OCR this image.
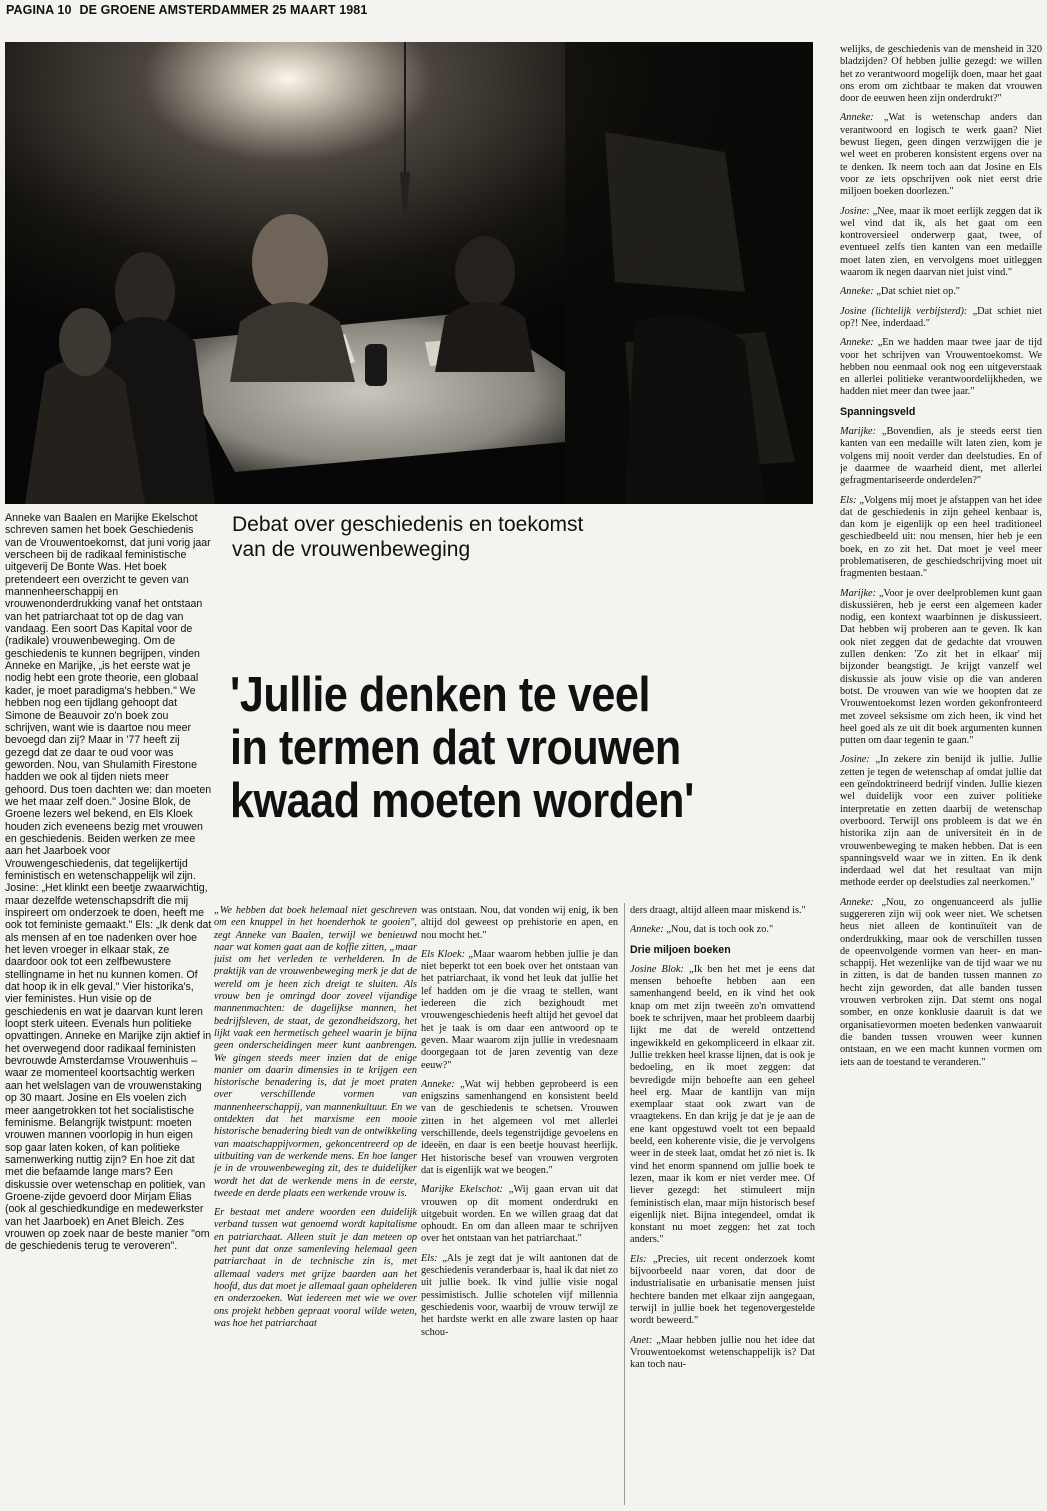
PAGINA 10 DE GROENE AMSTERDAMMER 25 MAART 1981

Anneke van Baalen en Marijke Ekelschot schreven samen het boek Geschiedenis van de Vrouwentoekomst, dat juni vorig jaar verscheen bij de radikaal feministische uitgeverij De Bonte Was. Het boek pretendeert een overzicht te geven van mannenheerschappij en vrouwenonderdrukking vanaf het ontstaan van het patriarchaat tot op de dag van vandaag. Een soort Das Kapital voor de (radikale) vrouwenbeweging. Om de geschiedenis te kunnen begrijpen, vinden Anneke en Marijke, „is het eerste wat je nodig hebt een grote theorie, een globaal kader, je moet paradigma's hebben." We hebben nog een tijdlang gehoopt dat Simone de Beauvoir zo'n boek zou schrijven, want wie is daartoe nou meer bevoegd dan zij? Maar in '77 heeft zij gezegd dat ze daar te oud voor was geworden. Nou, van Shulamith Firestone hadden we ook al tijden niets meer gehoord. Dus toen dachten we: dan moeten we het maar zelf doen." Josine Blok, de Groene lezers wel bekend, en Els Kloek houden zich eveneens bezig met vrouwen en geschiedenis. Beiden werken ze mee aan het Jaarboek voor Vrouwengeschiedenis, dat tegelijkertijd feministisch en wetenschappelijk wil zijn. Josine: „Het klinkt een beetje zwaarwichtig, maar dezelfde wetenschapsdrift die mij inspireert om onderzoek te doen, heeft me ook tot feministe gemaakt." Els: „Ik denk dat als mensen af en toe nadenken over hoe het leven vroeger in elkaar stak, ze daardoor ook tot een zelfbewustere stellingname in het nu kunnen komen. Of dat hoop ik in elk geval." Vier historika's, vier feministes. Hun visie op de geschiedenis en wat je daarvan kunt leren loopt sterk uiteen. Evenals hun politieke opvattingen. Anneke en Marijke zijn aktief in het overwegend door radikaal feministen bevrouwde Amsterdamse Vrouwenhuis – waar ze momenteel koortsachtig werken aan het welslagen van de vrouwenstaking op 30 maart. Josine en Els voelen zich meer aangetrokken tot het socialistische feminisme. Belangrijk twistpunt: moeten vrouwen mannen voorlopig in hun eigen sop gaar laten koken, of kan politieke samenwerking nuttig zijn? En hoe zit dat met die befaamde lange mars? Een diskussie over wetenschap en politiek, van Groene-zijde gevoerd door Mirjam Elias (ook al geschiedkundige en medewerkster van het Jaarboek) en Anet Bleich. Zes vrouwen op zoek naar de beste manier "om de geschiedenis terug te veroveren".

Debat over geschiedenis en toekomst
van de vrouwenbeweging
'Jullie denken te veel
in termen dat vrouwen
kwaad moeten worden'

„We hebben dat boek helemaal niet geschreven om een knuppel in het hoenderhok te gooien", zegt Anneke van Baalen, terwijl we benieuwd naar wat komen gaat aan de koffie zitten, „maar juist om het verleden te verhelderen. In de praktijk van de vrouwenbeweging merk je dat de wereld om je heen zich dreigt te sluiten. Als vrouw ben je omringd door zoveel vijandige mannenmachten: de dagelijkse mannen, het bedrijfsleven, de staat, de gezondheidszorg, het lijkt vaak een hermetisch geheel waarin je bijna geen onderscheidingen meer kunt aanbrengen. We gingen steeds meer inzien dat de enige manier om daarin dimensies in te krijgen een historische benadering is, dat je moet praten over verschillende vormen van mannenheerschappij, van mannenkultuur. En we ontdekten dat het marxisme een mooie historische benadering biedt van de ontwikkeling van maatschappijvormen, gekoncentreerd op de uitbuiting van de werkende mens. En hoe langer je in de vrouwenbeweging zit, des te duidelijker wordt het dat de werkende mens in de eerste, tweede en derde plaats een werkende vrouw is.

Er bestaat met andere woorden een duidelijk verband tussen wat genoemd wordt kapitalisme en patriarchaat. Alleen stuit je dan meteen op het punt dat onze samenleving helemaal geen patriarchaat in de technische zin is, met allemaal vaders met grijze baarden aan het hoofd, dus dat moet je allemaal gaan ophelderen en onderzoeken. Wat iedereen met wie we over ons projekt hebben gepraat vooral wilde weten, was hoe het patriarchaat

was ontstaan. Nou, dat vonden wij enig, ik ben altijd dol geweest op prehistorie en apen, en nou mocht het."

Els Kloek: „Maar waarom hebben jullie je dan niet beperkt tot een boek over het ontstaan van het patriarchaat, ik vond het leuk dat jullie het lef hadden om je die vraag te stellen, want iedereen die zich bezighoudt met vrouwengeschiedenis heeft altijd het gevoel dat het je taak is om daar een antwoord op te geven. Maar waarom zijn jullie in vredesnaam doorgegaan tot de jaren zeventig van deze eeuw?"

Anneke: „Wat wij hebben geprobeerd is een enigszins samenhangend en konsistent beeld van de geschiedenis te schetsen. Vrouwen zitten in het algemeen vol met allerlei verschillende, deels tegenstrijdige gevoelens en ideeën, en daar is een beetje houvast heerlijk. Het historische besef van vrouwen vergroten dat is eigenlijk wat we beogen."

Marijke Ekelschot: „Wij gaan ervan uit dat vrouwen op dit moment onderdrukt en uitgebuit worden. En we willen graag dat dat ophoudt. En om dan alleen maar te schrijven over het ontstaan van het patriarchaat."

Els: „Als je zegt dat je wilt aantonen dat de geschiedenis veranderbaar is, haal ik dat niet zo uit jullie boek. Ik vind jullie visie nogal pessimistisch. Jullie schotelen vijf millennia geschiedenis voor, waarbij de vrouw terwijl ze het hardste werkt en alle zware lasten op haar schou-

ders draagt, altijd alleen maar miskend is."

Anneke: „Nou, dat is toch ook zo."

Drie miljoen boeken

Josine Blok: „Ik ben het met je eens dat mensen behoefte hebben aan een samenhangend beeld, en ik vind het ook knap om met zijn tweeën zo'n omvattend boek te schrijven, maar het probleem daarbij lijkt me dat de wereld ontzettend ingewikkeld en gekompliceerd in elkaar zit. Jullie trekken heel krasse lijnen, dat is ook je bedoeling, en ik moet zeggen: dat bevredigde mijn behoefte aan een geheel heel erg. Maar de kantlijn van mijn exemplaar staat ook zwart van de vraagtekens. En dan krijg je dat je je aan de ene kant opgestuwd voelt tot een bepaald beeld, een koherente visie, die je vervolgens weer in de steek laat, omdat het zó niet is. Ik vind het enorm spannend om jullie boek te lezen, maar ik kom er niet verder mee. Of liever gezegd: het stimuleert mijn feministisch elan, maar mijn historisch besef eigenlijk niet. Bijna integendeel, omdat ik konstant nu moet zeggen: het zat toch anders."

Els: „Precies, uit recent onderzoek komt bijvoorbeeld naar voren, dat door de industrialisatie en urbanisatie mensen juist hechtere banden met elkaar zijn aangegaan, terwijl in jullie boek het tegenovergestelde wordt beweerd."

Anet: „Maar hebben jullie nou het idee dat Vrouwentoekomst wetenschappelijk is? Dat kan toch nau-

welijks, de geschiedenis van de mensheid in 320 bladzijden? Of hebben jullie gezegd: we willen het zo verantwoord mogelijk doen, maar het gaat ons erom om zichtbaar te maken dat vrouwen door de eeuwen heen zijn onderdrukt?"

Anneke: „Wat is wetenschap anders dan verantwoord en logisch te werk gaan? Niet bewust liegen, geen dingen verzwijgen die je wel weet en proberen konsistent ergens over na te denken. Ik neem toch aan dat Josine en Els voor ze iets opschrijven ook niet eerst drie miljoen boeken doorlezen."

Josine: „Nee, maar ik moet eerlijk zeggen dat ik wel vind dat ik, als het gaat om een kontroversieel onderwerp gaat, twee, of eventueel zelfs tien kanten van een medaille moet laten zien, en vervolgens moet uitleggen waarom ik negen daarvan niet juist vind."

Anneke: „Dat schiet niet op."

Josine (lichtelijk verbijsterd): „Dat schiet niet op?! Nee, inderdaad."

Anneke: „En we hadden maar twee jaar de tijd voor het schrijven van Vrouwentoekomst. We hebben nou eenmaal ook nog een uitgeverstaak en allerlei politieke verantwoordelijkheden, we hadden niet meer dan twee jaar."

Spanningsveld

Marijke: „Bovendien, als je steeds eerst tien kanten van een medaille wilt laten zien, kom je volgens mij nooit verder dan deelstudies. En of je daarmee de waarheid dient, met allerlei gefragmentariseerde onderdelen?"

Els: „Volgens mij moet je afstappen van het idee dat de geschiedenis in zijn geheel kenbaar is, dan kom je eigenlijk op een heel traditioneel geschiedbeeld uit: nou mensen, hier heb je een boek, en zo zit het. Dat moet je veel meer problematiseren, de geschiedschrijving moet uit fragmenten bestaan."

Marijke: „Voor je over deelproblemen kunt gaan diskussiëren, heb je eerst een algemeen kader nodig, een kontext waarbinnen je diskussieert. Dat hebben wij proberen aan te geven. Ik kan ook niet zeggen dat de gedachte dat vrouwen zullen denken: 'Zo zit het in elkaar' mij bijzonder beangstigt. Je krijgt vanzelf wel diskussie als jouw visie op die van anderen botst. De vrouwen van wie we hoopten dat ze Vrouwentoekomst lezen worden gekonfronteerd met zoveel seksisme om zich heen, ik vind het heel goed als ze uit dit boek argumenten kunnen putten om daar tegenin te gaan."

Josine: „In zekere zin benijd ik jullie. Jullie zetten je tegen de wetenschap af omdat jullie dat een geïndoktrineerd bedrijf vinden. Jullie kiezen wel duidelijk voor een zuiver politieke interpretatie en zetten daarbij de wetenschap overboord. Terwijl ons probleem is dat we én historika zijn aan de universiteit én in de vrouwenbeweging te maken hebben. Dat is een spanningsveld waar we in zitten. En ik denk inderdaad wel dat het resultaat van mijn methode eerder op deelstudies zal neerkomen."

Anneke: „Nou, zo ongenuanceerd als jullie suggereren zijn wij ook weer niet. We schetsen heus niet alleen de kontinuïteit van de onderdrukking, maar ook de verschillen tussen de opeenvolgende vormen van heer- en man-schappij. Het wezenlijke van de tijd waar we nu in zitten, is dat de banden tussen mannen zo hecht zijn geworden, dat alle banden tussen vrouwen verbroken zijn. Dat stemt ons nogal somber, en onze konklusie daaruit is dat we organisatievormen moeten bedenken vanwaaruit die banden tussen vrouwen weer kunnen ontstaan, en we een macht kunnen vormen om iets aan de toestand te veranderen."
